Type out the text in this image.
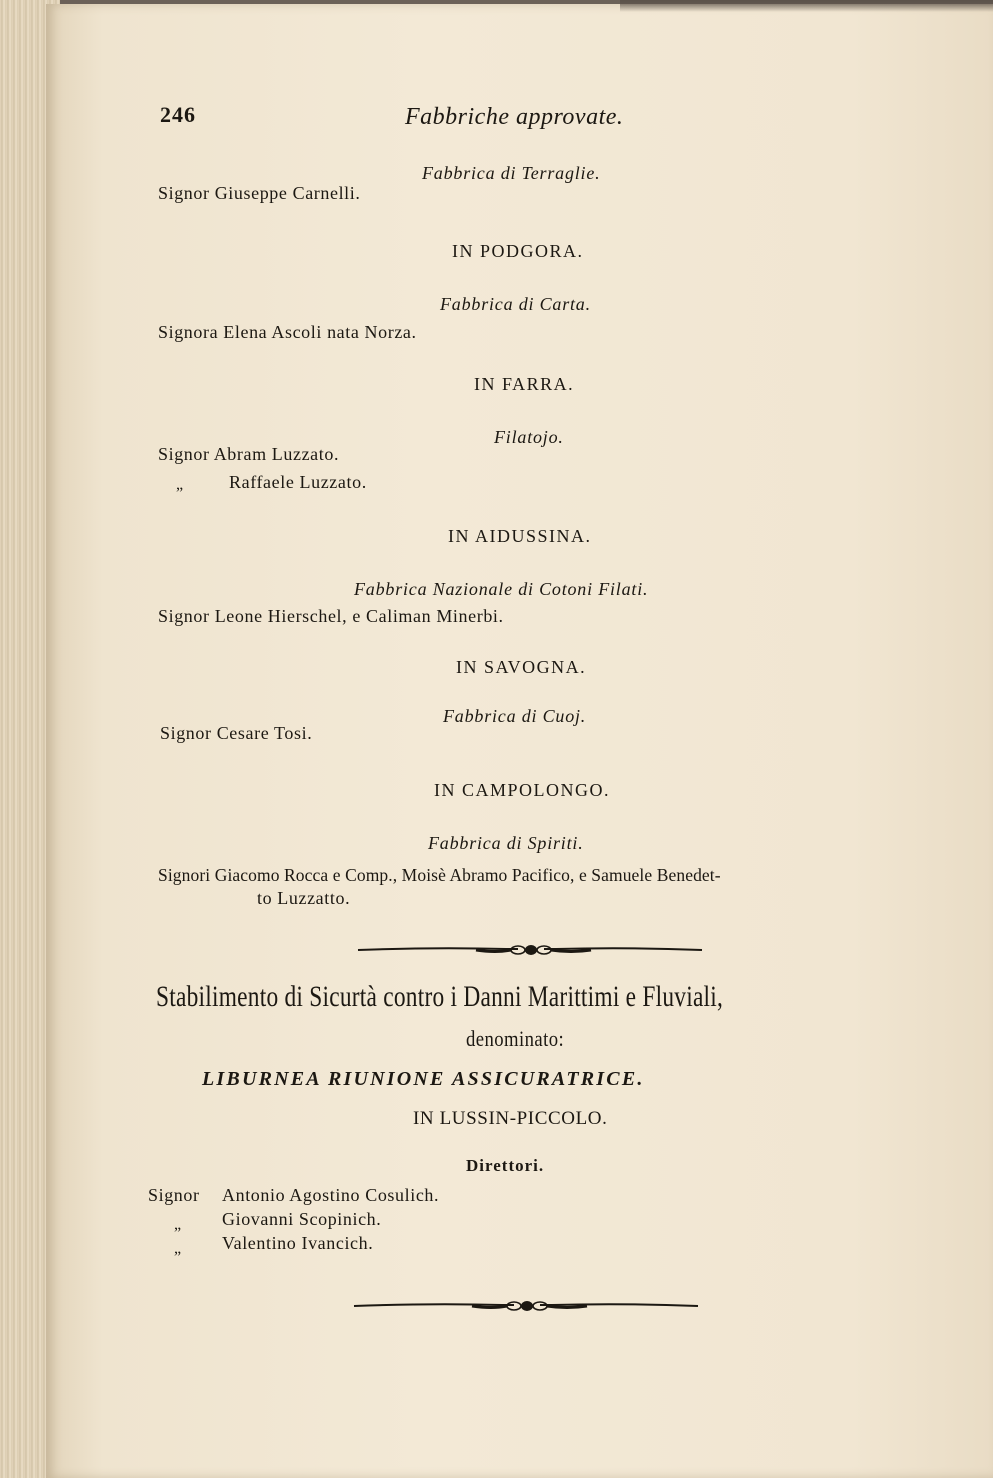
246	Fabbriche approvate.
Fabbrica di Terraglie.
Signor Giuseppe Carnelli.
IN PODGORA.
Fabbrica di Carta.
Signora Elena Ascoli nata Norza.
IN FARRA.
Filatojo.
Signor Abram Luzzato.
„	Raffaele Luzzato.
IN AIDUSSINA.
Fabbrica Nazionale di Cotoni Filati.
Signor Leone Hierschel, e Caliman Minerbi.
IN SAVOGNA.
Fabbrica di Cuoj.
Signor Cesare Tosi.
IN CAMPOLONGO.
Fabbrica di Spiriti.
Signori Giacomo Rocca e Comp., Moisè Abramo Pacifico, e Samuele Benedet-
to Luzzatto.
Stabilimento di Sicurtà contro i Danni Marittimi e Fluviali,
denominato:
LIBURNEA RIUNIONE ASSICURATRICE.
IN LUSSIN-PICCOLO.
Direttori.
Signor Antonio Agostino Cosulich.
„ Giovanni Scopinich.
„ Valentino Ivancich.
